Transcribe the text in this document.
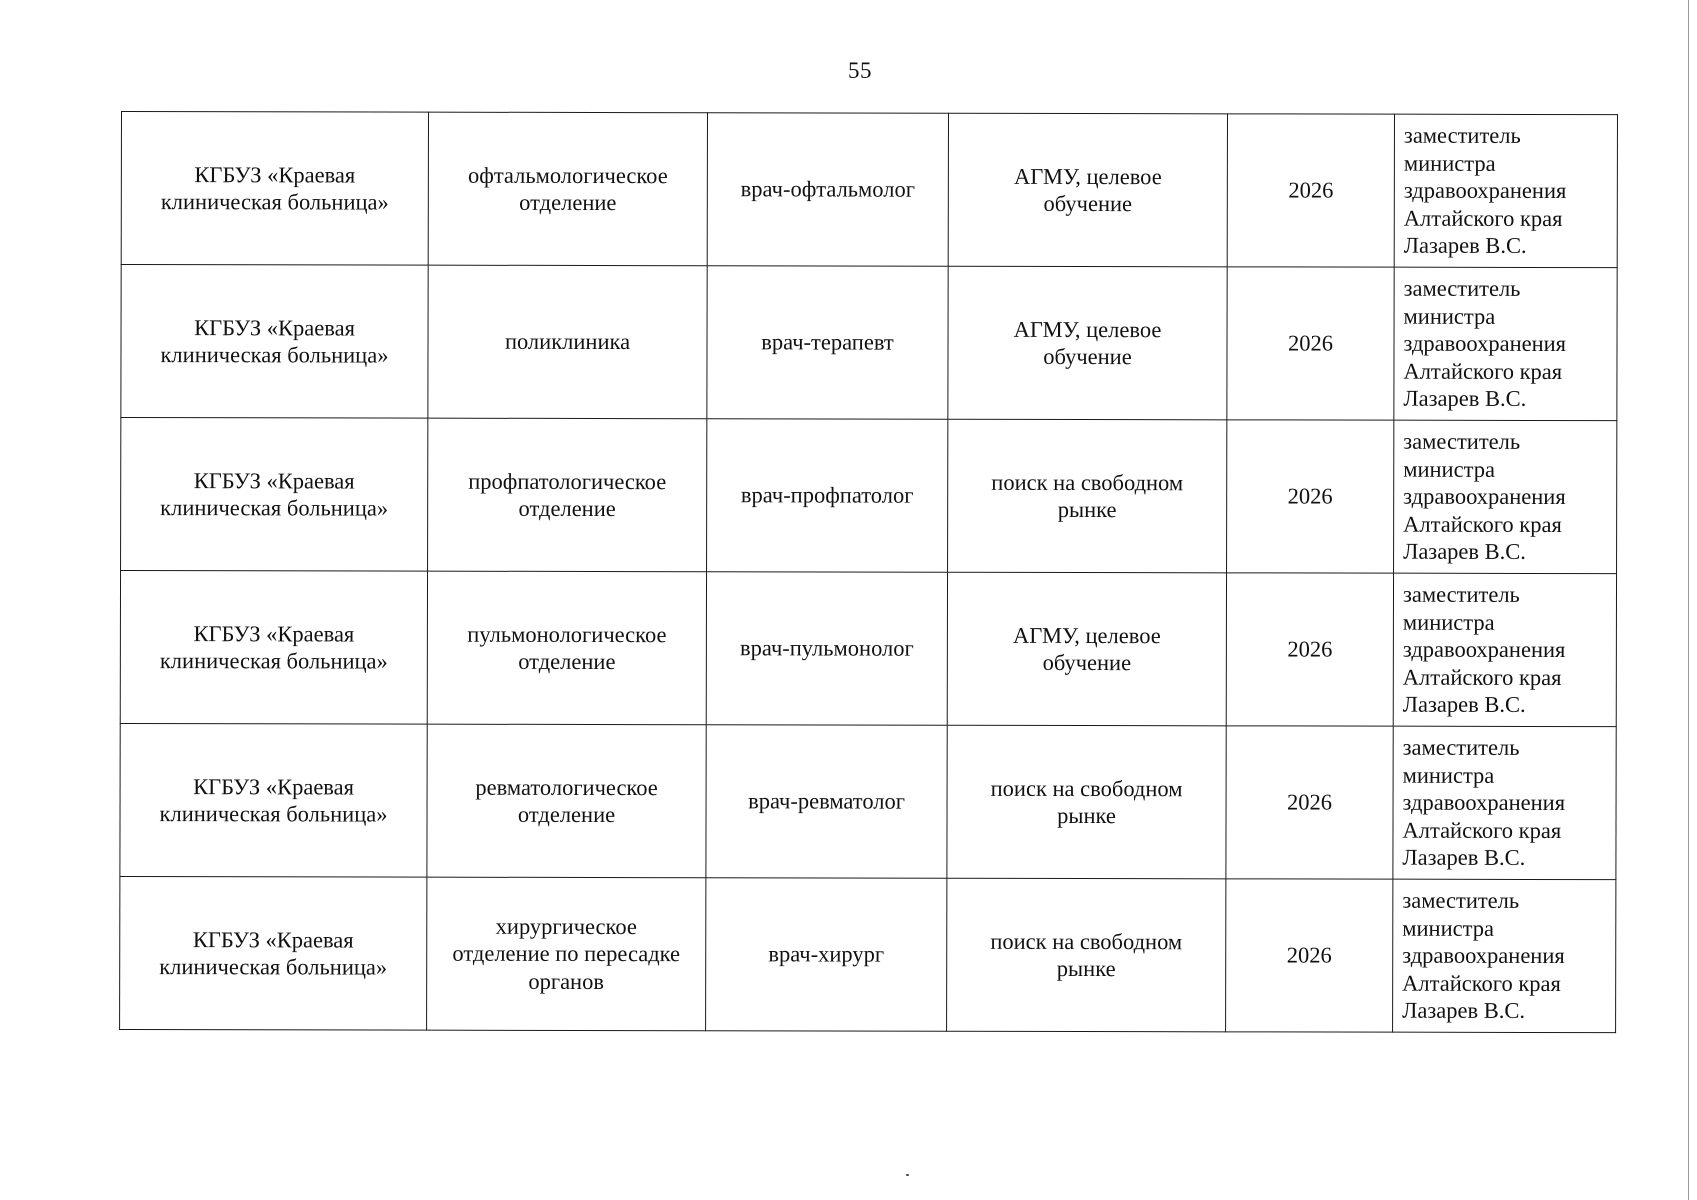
55
КГБУЗ «Краевая
клиническая больница»	офтальмологическое
отделение	врач-офтальмолог	АГМУ, целевое
обучение	2026	заместитель
министра
здравоохранения
Алтайского края
Лазарев В.С.

КГБУЗ «Краевая
клиническая больница»	поликлиника	врач-терапевт	АГМУ, целевое
обучение	2026	заместитель
министра
здравоохранения
Алтайского края
Лазарев В.С.

КГБУЗ «Краевая
клиническая больница»	профпатологическое
отделение	врач-профпатолог	поиск на свободном
рынке	2026	заместитель
министра
здравоохранения
Алтайского края
Лазарев В.С.

КГБУЗ «Краевая
клиническая больница»	пульмонологическое
отделение	врач-пульмонолог	АГМУ, целевое
обучение	2026	заместитель
министра
здравоохранения
Алтайского края
Лазарев В.С.

КГБУЗ «Краевая
клиническая больница»	ревматологическое
отделение	врач-ревматолог	поиск на свободном
рынке	2026	заместитель
министра
здравоохранения
Алтайского края
Лазарев В.С.

КГБУЗ «Краевая
клиническая больница»	хирургическое
отделение по пересадке
органов	врач-хирург	поиск на свободном
рынке	2026	заместитель
министра
здравоохранения
Алтайского края
Лазарев В.С.
